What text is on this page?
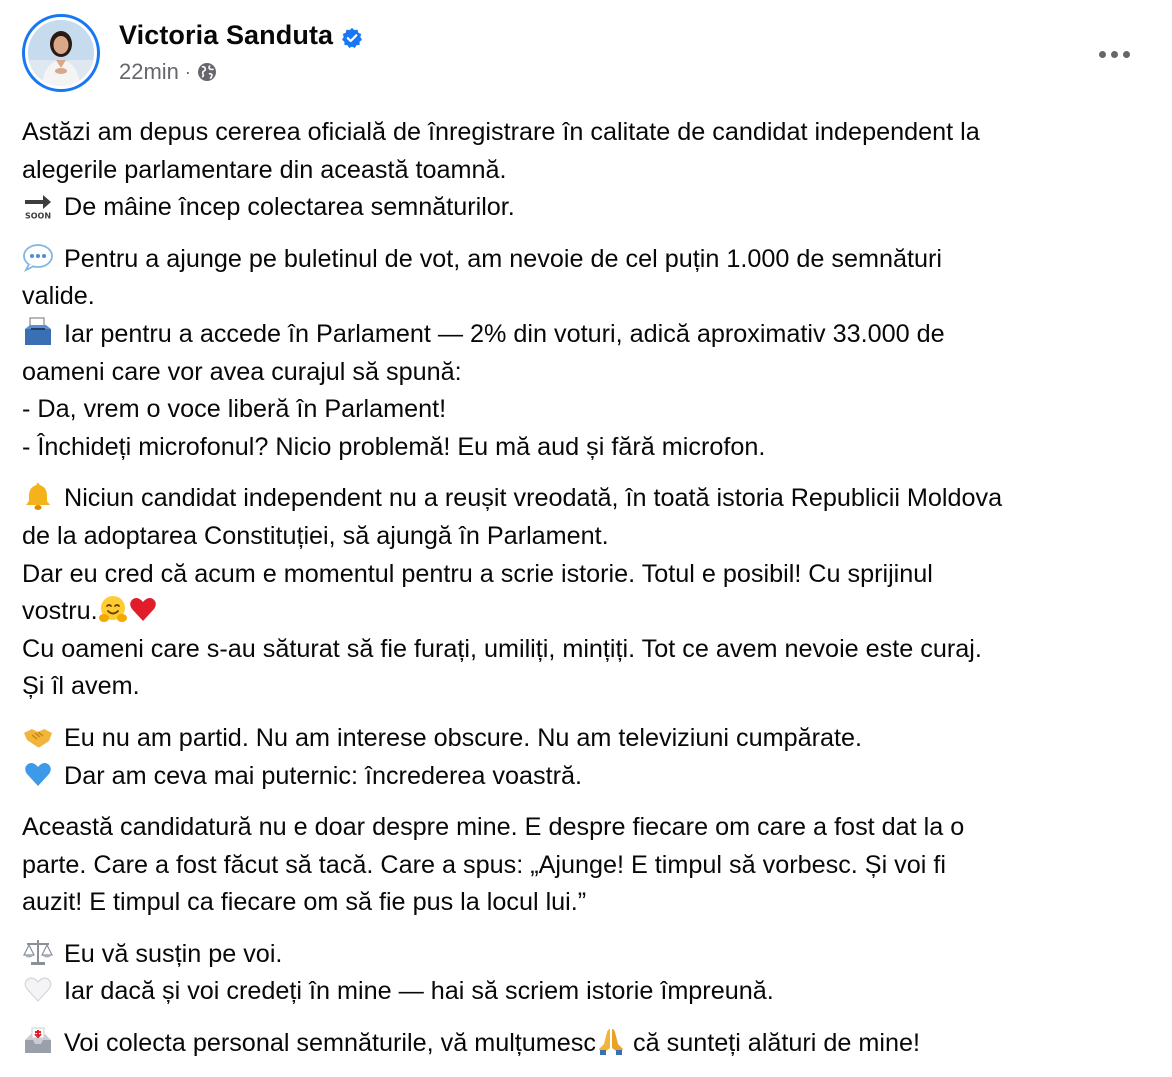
Victoria Sanduta
22min ·
Astăzi am depus cererea oficială de înregistrare în calitate de candidat independent la
alegerile parlamentare din această toamnă.
SOON De mâine încep colectarea semnăturilor.
Pentru a ajunge pe buletinul de vot, am nevoie de cel puțin 1.000 de semnături
valide.
Iar pentru a accede în Parlament — 2% din voturi, adică aproximativ 33.000 de
oameni care vor avea curajul să spună:
- Da, vrem o voce liberă în Parlament!
- Închideți microfonul? Nicio problemă! Eu mă aud și fără microfon.
Niciun candidat independent nu a reușit vreodată, în toată istoria Republicii Moldova
de la adoptarea Constituției, să ajungă în Parlament.
Dar eu cred că acum e momentul pentru a scrie istorie. Totul e posibil! Cu sprijinul
vostru.
Cu oameni care s-au săturat să fie furați, umiliți, mințiți. Tot ce avem nevoie este curaj.
Și îl avem.
Eu nu am partid. Nu am interese obscure. Nu am televiziuni cumpărate.
Dar am ceva mai puternic: încrederea voastră.
Această candidatură nu e doar despre mine. E despre fiecare om care a fost dat la o
parte. Care a fost făcut să tacă. Care a spus: „Ajunge! E timpul să vorbesc. Și voi fi
auzit! E timpul ca fiecare om să fie pus la locul lui.”
Eu vă susțin pe voi.
Iar dacă și voi credeți în mine — hai să scriem istorie împreună.
Voi colecta personal semnăturile, vă mulțumesc
că sunteți alături de mine!
